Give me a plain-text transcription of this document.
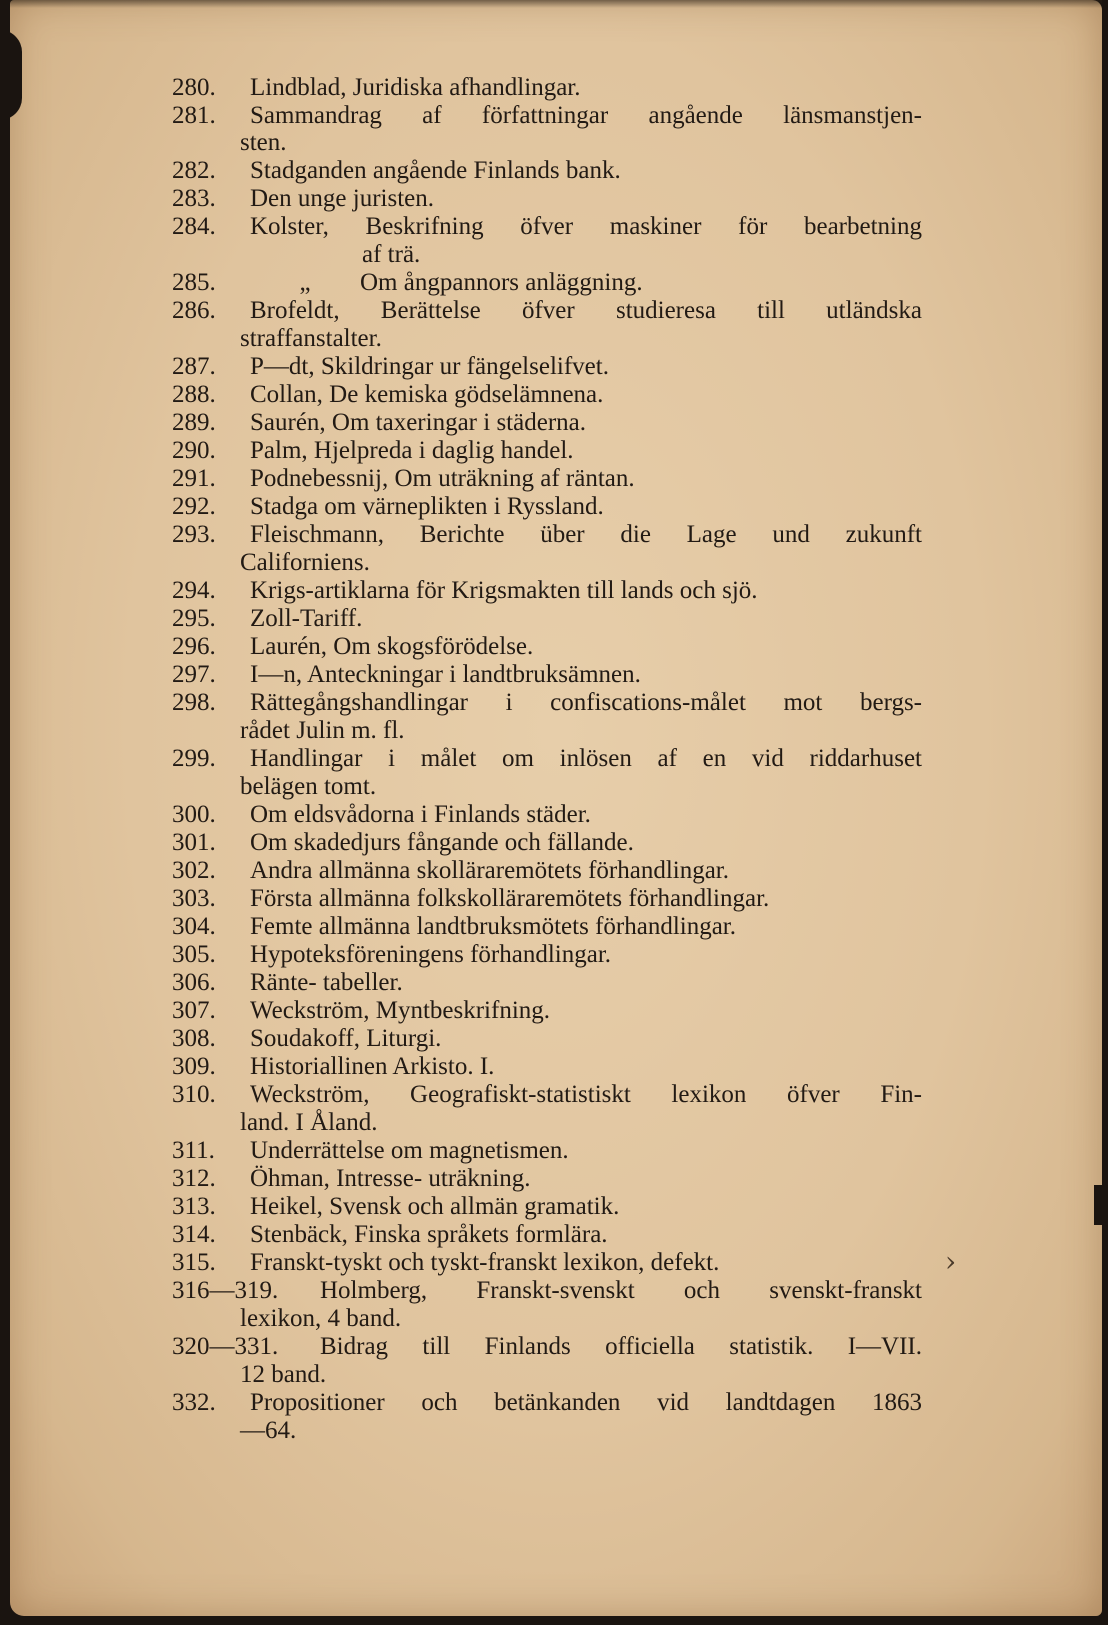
›
280. Lindblad, Juridiska afhandlingar.
281. Sammandrag af författningar angående länsmanstjen-
sten.
282. Stadganden angående Finlands bank.
283. Den unge juristen.
284. Kolster, Beskrifning öfver maskiner för bearbetning
af trä.
285.	„ Om ångpannors anläggning.
286. Brofeldt, Berättelse öfver studieresa till utländska
straffanstalter.
287. P—dt, Skildringar ur fängelselifvet.
288. Collan, De kemiska gödselämnena.
289. Saurén, Om taxeringar i städerna.
290. Palm, Hjelpreda i daglig handel.
291. Podnebessnij, Om uträkning af räntan.
292. Stadga om värneplikten i Ryssland.
293. Fleischmann, Berichte über die Lage und zukunft
Californiens.
294. Krigs-artiklarna för Krigsmakten till lands och sjö.
295. Zoll-Tariff.
296. Laurén, Om skogsförödelse.
297. I—n, Anteckningar i landtbruksämnen.
298. Rättegångshandlingar i confiscations-målet mot bergs-
rådet Julin m. fl.
299. Handlingar i målet om inlösen af en vid riddarhuset
belägen tomt.
300. Om eldsvådorna i Finlands städer.
301. Om skadedjurs fångande och fällande.
302. Andra allmänna skolläraremötets förhandlingar.
303. Första allmänna folkskolläraremötets förhandlingar.
304. Femte allmänna landtbruksmötets förhandlingar.
305. Hypoteksföreningens förhandlingar.
306. Ränte- tabeller.
307. Weckström, Myntbeskrifning.
308. Soudakoff, Liturgi.
309. Historiallinen Arkisto. I.
310. Weckström, Geografiskt-statistiskt lexikon öfver Fin-
land. I Åland.
311. Underrättelse om magnetismen.
312. Öhman, Intresse- uträkning.
313. Heikel, Svensk och allmän gramatik.
314. Stenbäck, Finska språkets formlära.
315. Franskt-tyskt och tyskt-franskt lexikon, defekt.
316—319. Holmberg, Franskt-svenskt och svenskt-franskt
lexikon, 4 band.
320—331. Bidrag till Finlands officiella statistik. I—VII.
12 band.
332. Propositioner och betänkanden vid landtdagen 1863
—64.
